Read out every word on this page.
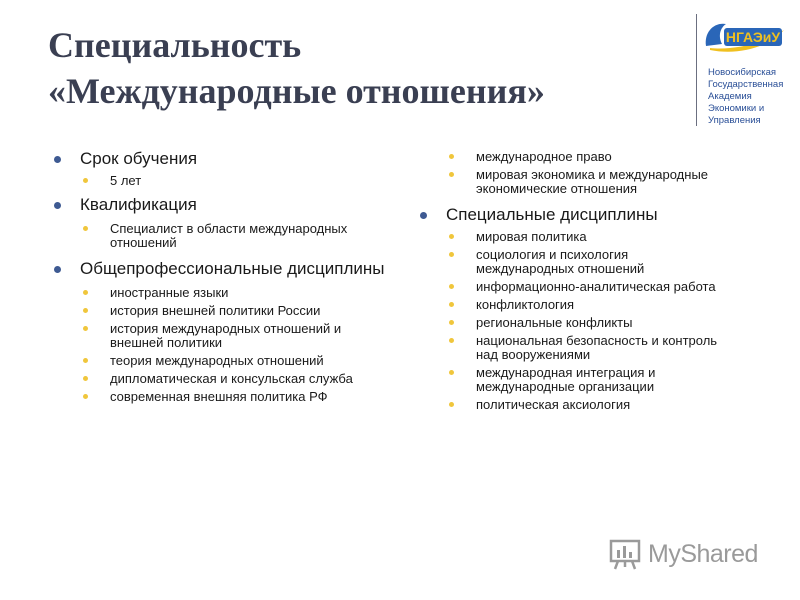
Специальность
«Международные отношения»
НГАЭиУ
Новосибирская
Государственная
Академия
Экономики и
Управления
Срок обучения
5 лет
Квалификация
Специалист в области международных отношений
Общепрофессиональные дисциплины
иностранные языки
история внешней политики России
история международных отношений и внешней политики
теория международных отношений
дипломатическая и консульская служба
современная внешняя политика РФ
международное право
мировая экономика и международные экономические отношения
Специальные дисциплины
мировая политика
социология и психология международных отношений
информационно-аналитическая работа
конфликтология
региональные конфликты
национальная безопасность и контроль над вооружениями
международная интеграция и международные организации
политическая аксиология
MyShared
